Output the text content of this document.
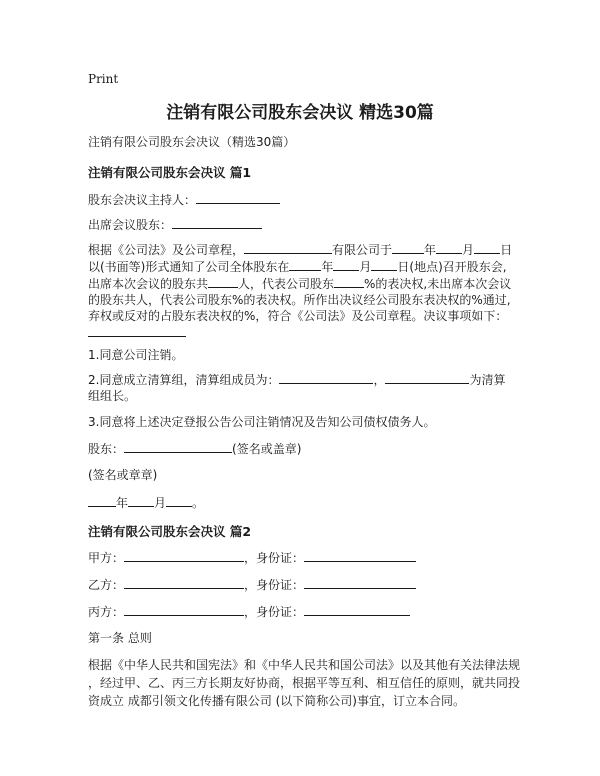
Print
注销有限公司股东会决议 精选30篇
注销有限公司股东会决议（精选30篇）
注销有限公司股东会决议 篇1
股东会决议主持人：
出席会议股东：
根据《公司法》及公司章程，	有限公司于	年 月 日
以(书面等)形式通知了公司全体股东在	年 月 日(地点)召开股东会,
出席本次会议的股东共	人，代表公司股东	%的表决权,未出席本次会议
的股东共人，代表公司股东%的表决权。所作出决议经公司股东表决权的%通过,
弃权或反对的占股东表决权的%，符合《公司法》及公司章程。决议事项如下：
1.同意公司注销。
2.同意成立清算组，清算组成员为：	，	为清算
组组长。
3.同意将上述决定登报公告公司注销情况及告知公司债权债务人。
股东：	(签名或盖章)
(签名或章章)
年 月 。
注销有限公司股东会决议 篇2
甲方：	，身份证：
乙方：	，身份证：
丙方：	，身份证：
第一条 总则
根据《中华人民共和国宪法》和《中华人民共和国公司法》以及其他有关法律法规
，经过甲、乙、丙三方长期友好协商，根据平等互利、相互信任的原则，就共同投
资成立 成都引领文化传播有限公司 (以下简称公司)事宜，订立本合同。
